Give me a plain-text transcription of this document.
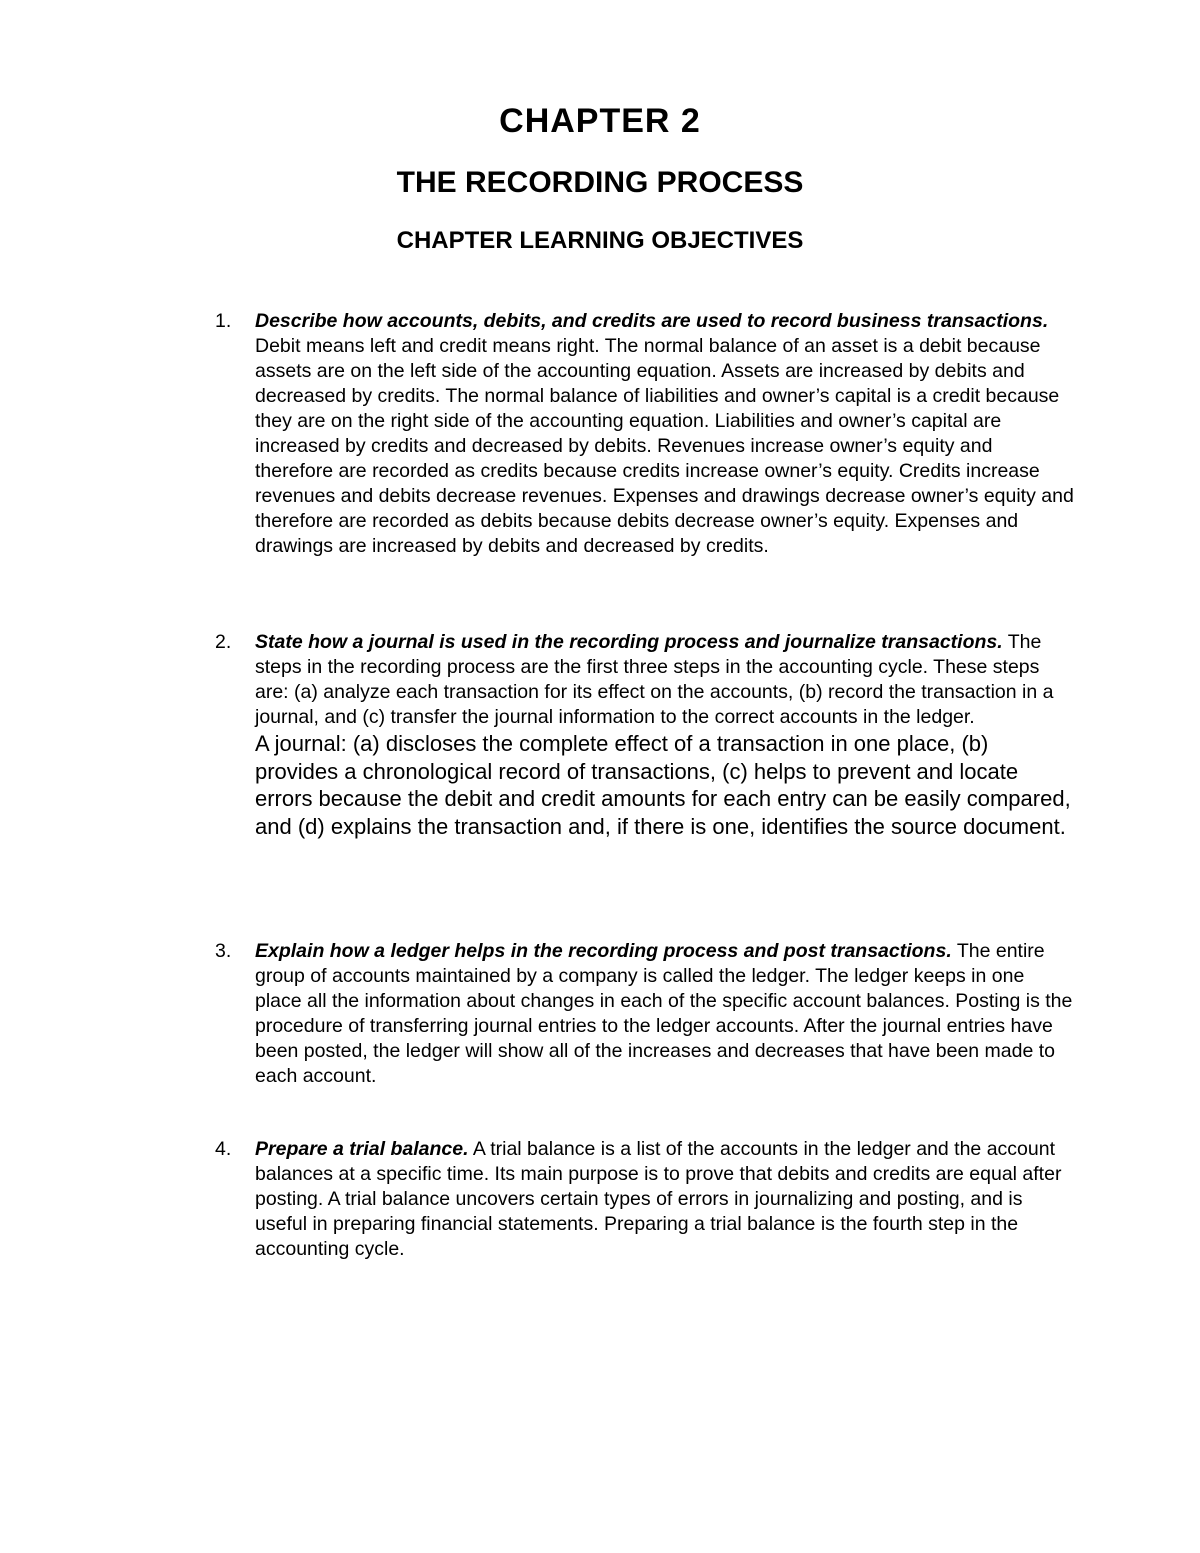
CHAPTER 2
THE RECORDING PROCESS
CHAPTER LEARNING OBJECTIVES
1. Describe how accounts, debits, and credits are used to record business transactions. Debit means left and credit means right. The normal balance of an asset is a debit because assets are on the left side of the accounting equation. Assets are increased by debits and decreased by credits. The normal balance of liabilities and owner’s capital is a credit because they are on the right side of the accounting equation. Liabilities and owner’s capital are increased by credits and decreased by debits. Revenues increase owner’s equity and therefore are recorded as credits because credits increase owner’s equity. Credits increase revenues and debits decrease revenues. Expenses and drawings decrease owner’s equity and therefore are recorded as debits because debits decrease owner’s equity. Expenses and drawings are increased by debits and decreased by credits.
2. State how a journal is used in the recording process and journalize transactions. The steps in the recording process are the first three steps in the accounting cycle. These steps are: (a) analyze each transaction for its effect on the accounts, (b) record the transaction in a journal, and (c) transfer the journal information to the correct accounts in the ledger.
A journal: (a) discloses the complete effect of a transaction in one place, (b) provides a chronological record of transactions, (c) helps to prevent and locate errors because the debit and credit amounts for each entry can be easily compared, and (d) explains the transaction and, if there is one, identifies the source document.
3. Explain how a ledger helps in the recording process and post transactions. The entire group of accounts maintained by a company is called the ledger. The ledger keeps in one place all the information about changes in each of the specific account balances. Posting is the procedure of transferring journal entries to the ledger accounts. After the journal entries have been posted, the ledger will show all of the increases and decreases that have been made to each account.
4. Prepare a trial balance. A trial balance is a list of the accounts in the ledger and the account balances at a specific time. Its main purpose is to prove that debits and credits are equal after posting. A trial balance uncovers certain types of errors in journalizing and posting, and is useful in preparing financial statements. Preparing a trial balance is the fourth step in the accounting cycle.
